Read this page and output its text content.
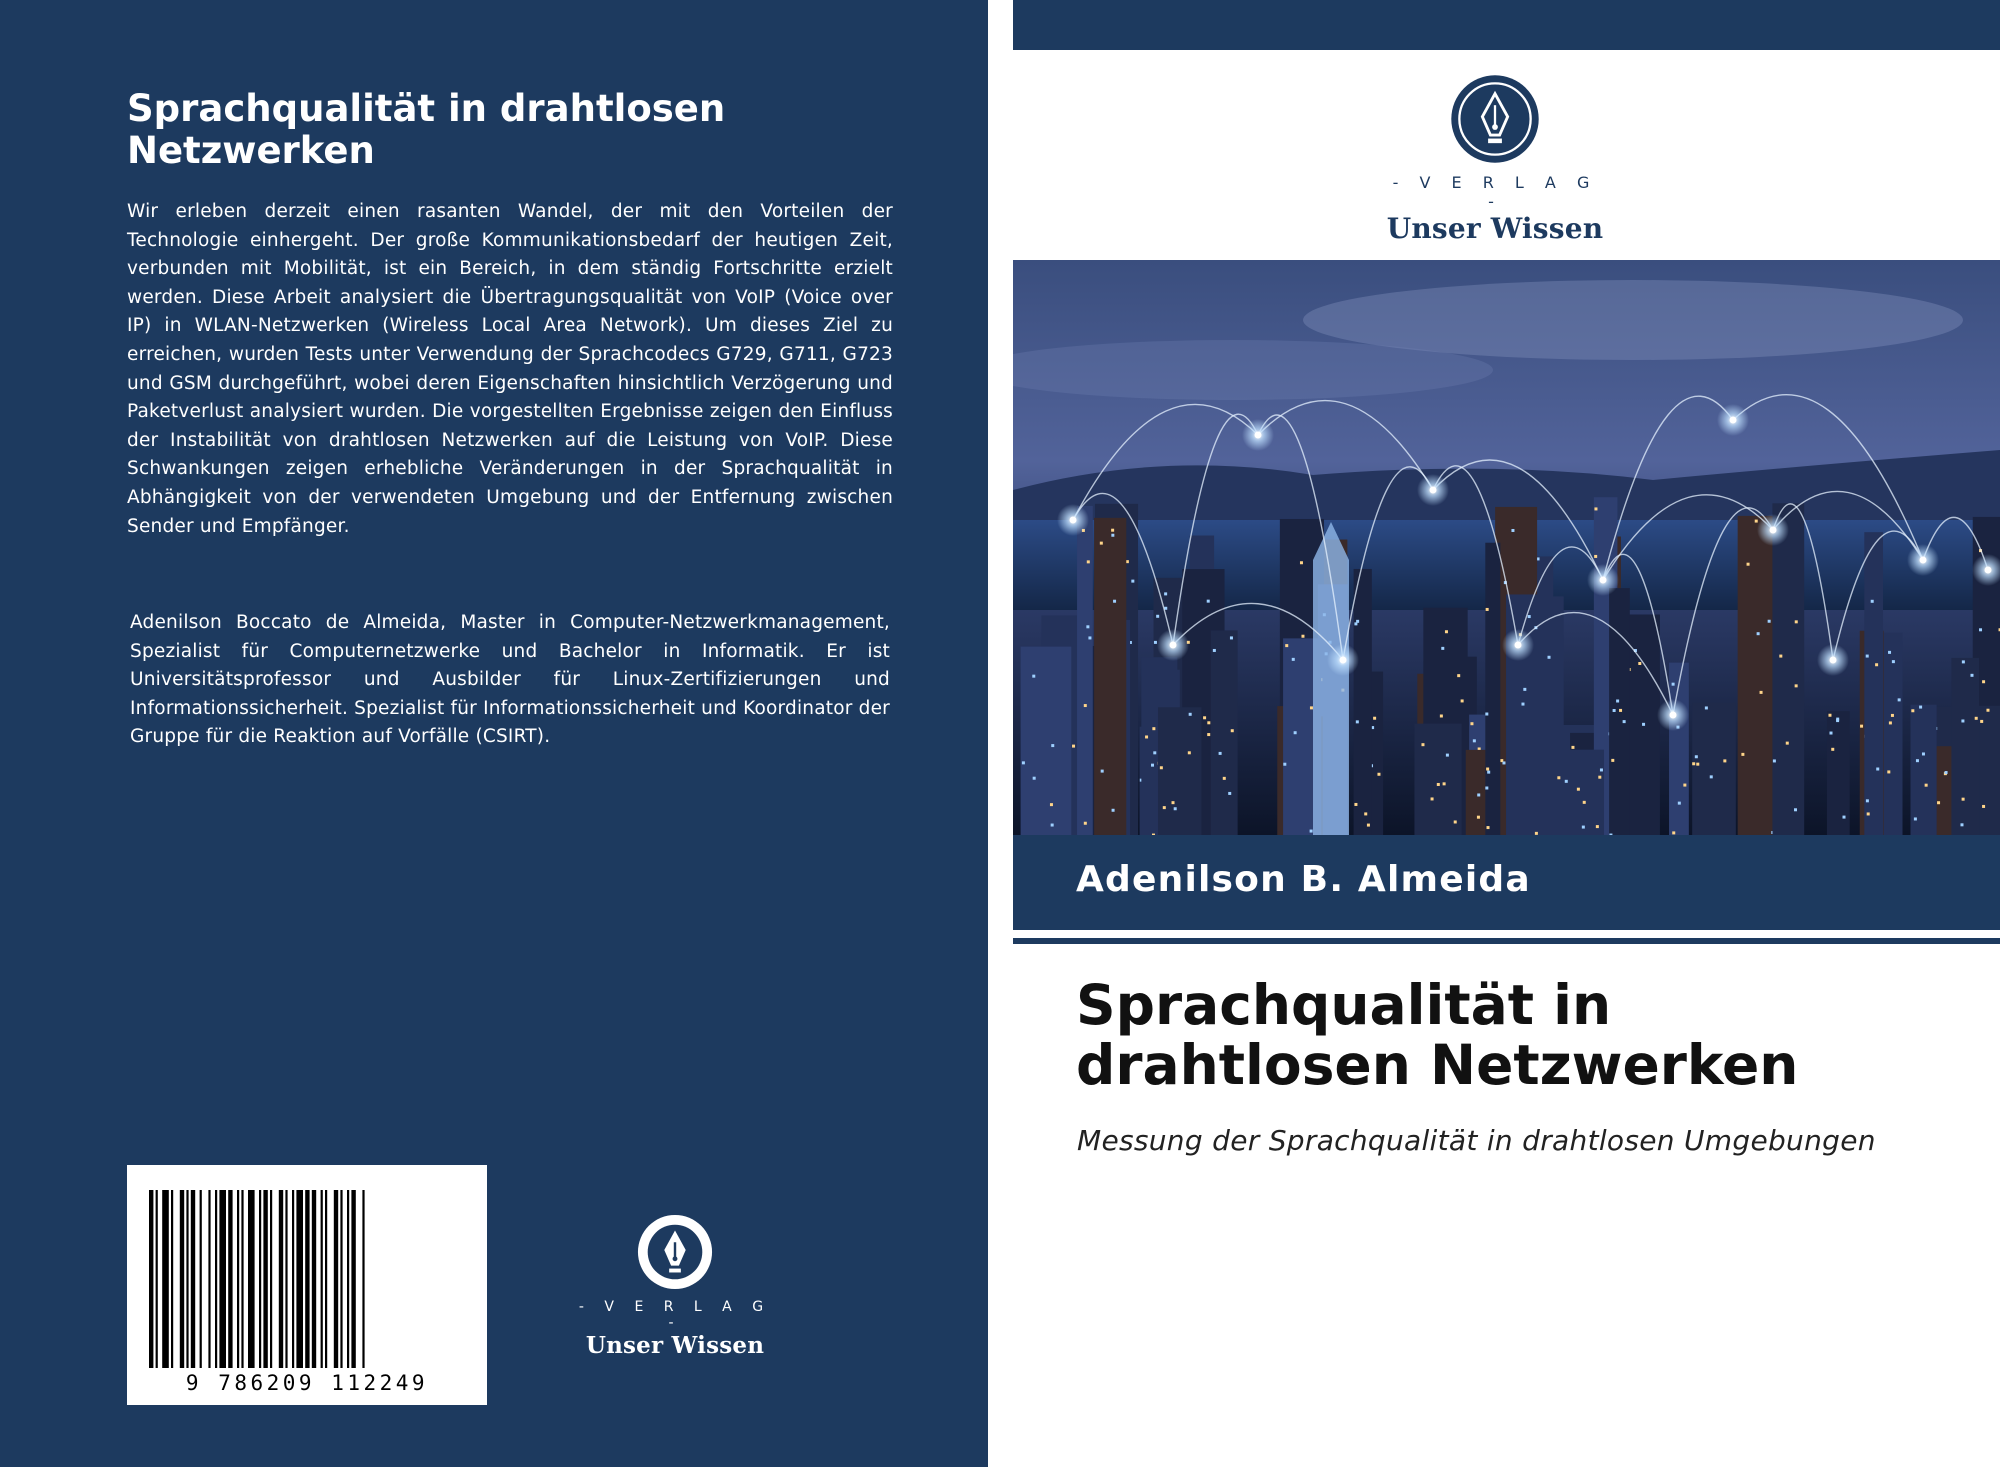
Sprachqualität in drahtlosen Netzwerken

Wir erleben derzeit einen rasanten Wandel, der mit den Vorteilen der Technologie einhergeht. Der große Kommunikationsbedarf der heutigen Zeit, verbunden mit Mobilität, ist ein Bereich, in dem ständig Fortschritte erzielt werden. Diese Arbeit analysiert die Übertragungsqualität von VoIP (Voice over IP) in WLAN-Netzwerken (Wireless Local Area Network). Um dieses Ziel zu erreichen, wurden Tests unter Verwendung der Sprachcodecs G729, G711, G723 und GSM durchgeführt, wobei deren Eigenschaften hinsichtlich Verzögerung und Paketverlust analysiert wurden. Die vorgestellten Ergebnisse zeigen den Einfluss der Instabilität von drahtlosen Netzwerken auf die Leistung von VoIP. Diese Schwankungen zeigen erhebliche Veränderungen in der Sprachqualität in Abhängigkeit von der verwendeten Umgebung und der Entfernung zwischen Sender und Empfänger.

Adenilson Boccato de Almeida, Master in Computer-Netzwerkmanagement, Spezialist für Computernetzwerke und Bachelor in Informatik. Er ist Universitätsprofessor und Ausbilder für Linux-Zertifizierungen und Informationssicherheit. Spezialist für Informationssicherheit und Koordinator der Gruppe für die Reaktion auf Vorfälle (CSIRT).

9 786209 112249
- V E R L A G -
Unser Wissen
- V E R L A G -
Unser Wissen

Adenilson B. Almeida

Sprachqualität in drahtlosen Netzwerken

Messung der Sprachqualität in drahtlosen Umgebungen
